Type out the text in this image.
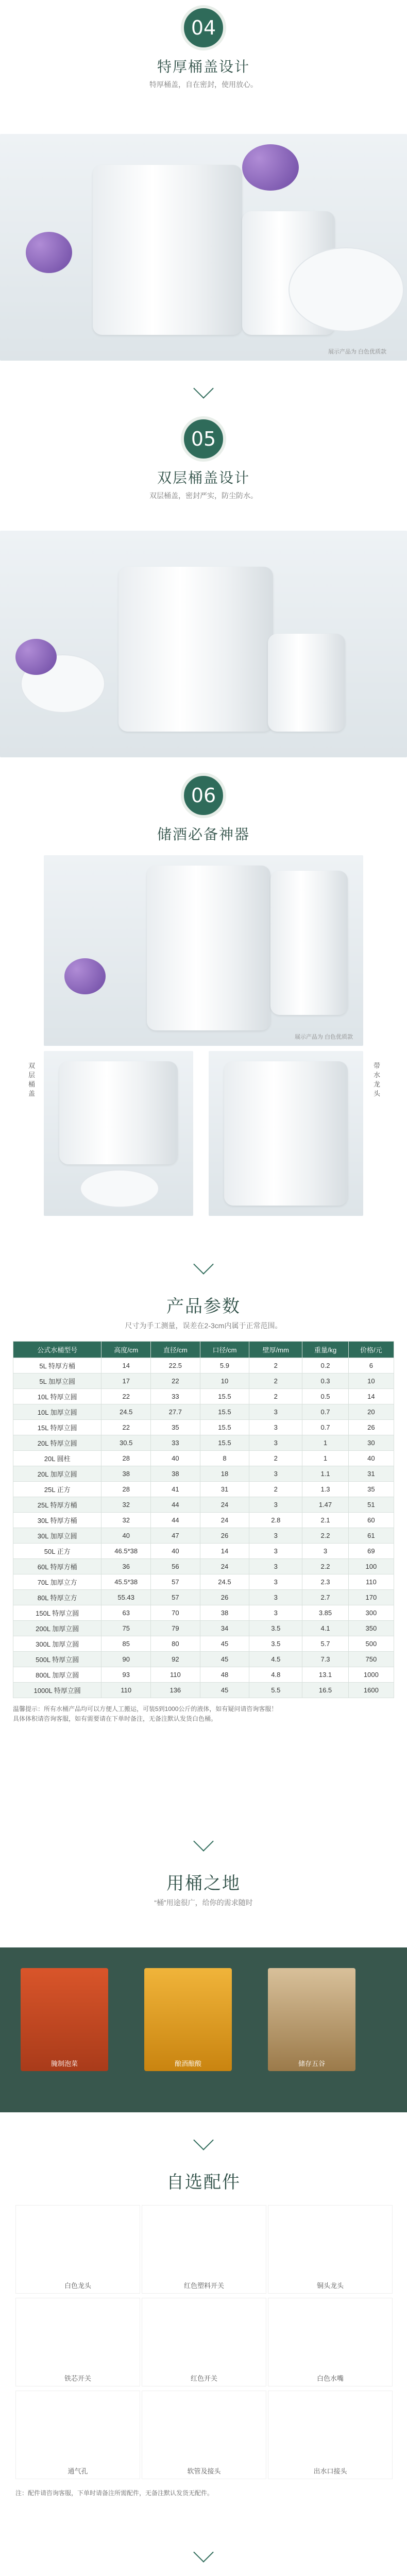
04
特厚桶盖设计
特厚桶盖，自在密封，使用放心。
展示产品为 白色优质款
05
双层桶盖设计
双层桶盖，密封严实，防尘防水。
06
储酒必备神器
展示产品为 白色优质款
双层桶盖
带水龙头
产品参数
尺寸为手工测量，误差在2-3cm内属于正常范围。
公式水桶型号	高度/cm	直径/cm	口径/cm	壁厚/mm	重量/kg	价格/元
5L 特厚方桶	14	22.5	5.9	2	0.2	6
5L 加厚立圆	17	22	10	2	0.3	10
10L 特厚立圆	22	33	15.5	2	0.5	14
10L 加厚立圆	24.5	27.7	15.5	3	0.7	20
15L 特厚立圆	22	35	15.5	3	0.7	26
20L 特厚立圆	30.5	33	15.5	3	1	30
20L 圆柱	28	40	8	2	1	40
20L 加厚立圆	38	38	18	3	1.1	31
25L 正方	28	41	31	2	1.3	35
25L 特厚方桶	32	44	24	3	1.47	51
30L 特厚方桶	32	44	24	2.8	2.1	60
30L 加厚立圆	40	47	26	3	2.2	61
50L 正方	46.5*38	40	14	3	3	69
60L 特厚方桶	36	56	24	3	2.2	100
70L 加厚立方	45.5*38	57	24.5	3	2.3	110
80L 特厚立方	55.43	57	26	3	2.7	170
150L 特厚立圆	63	70	38	3	3.85	300
200L 加厚立圆	75	79	34	3.5	4.1	350
300L 加厚立圆	85	80	45	3.5	5.7	500
500L 特厚立圆	90	92	45	4.5	7.3	750
800L 加厚立圆	93	110	48	4.8	13.1	1000
1000L 特厚立圆	110	136	45	5.5	16.5	1600
温馨提示：所有水桶产品均可以方便人工搬运，可装5到1000公斤的液体，如有疑问请咨询客服！
具体体积请咨询客服，如有需要请在下单时备注，无备注默认发货白色桶。
用桶之地
“桶”用途很广，给你的需求随时
腌制泡菜	酿酒酿酸	储存五谷
自选配件
白色龙头	红色塑料开关	铜头龙头
铁芯开关	红色开关	白色水嘴
通气孔	软管及接头	出水口接头
注：配件请咨询客服，下单时请备注所需配件，无备注默认发货无配件。
